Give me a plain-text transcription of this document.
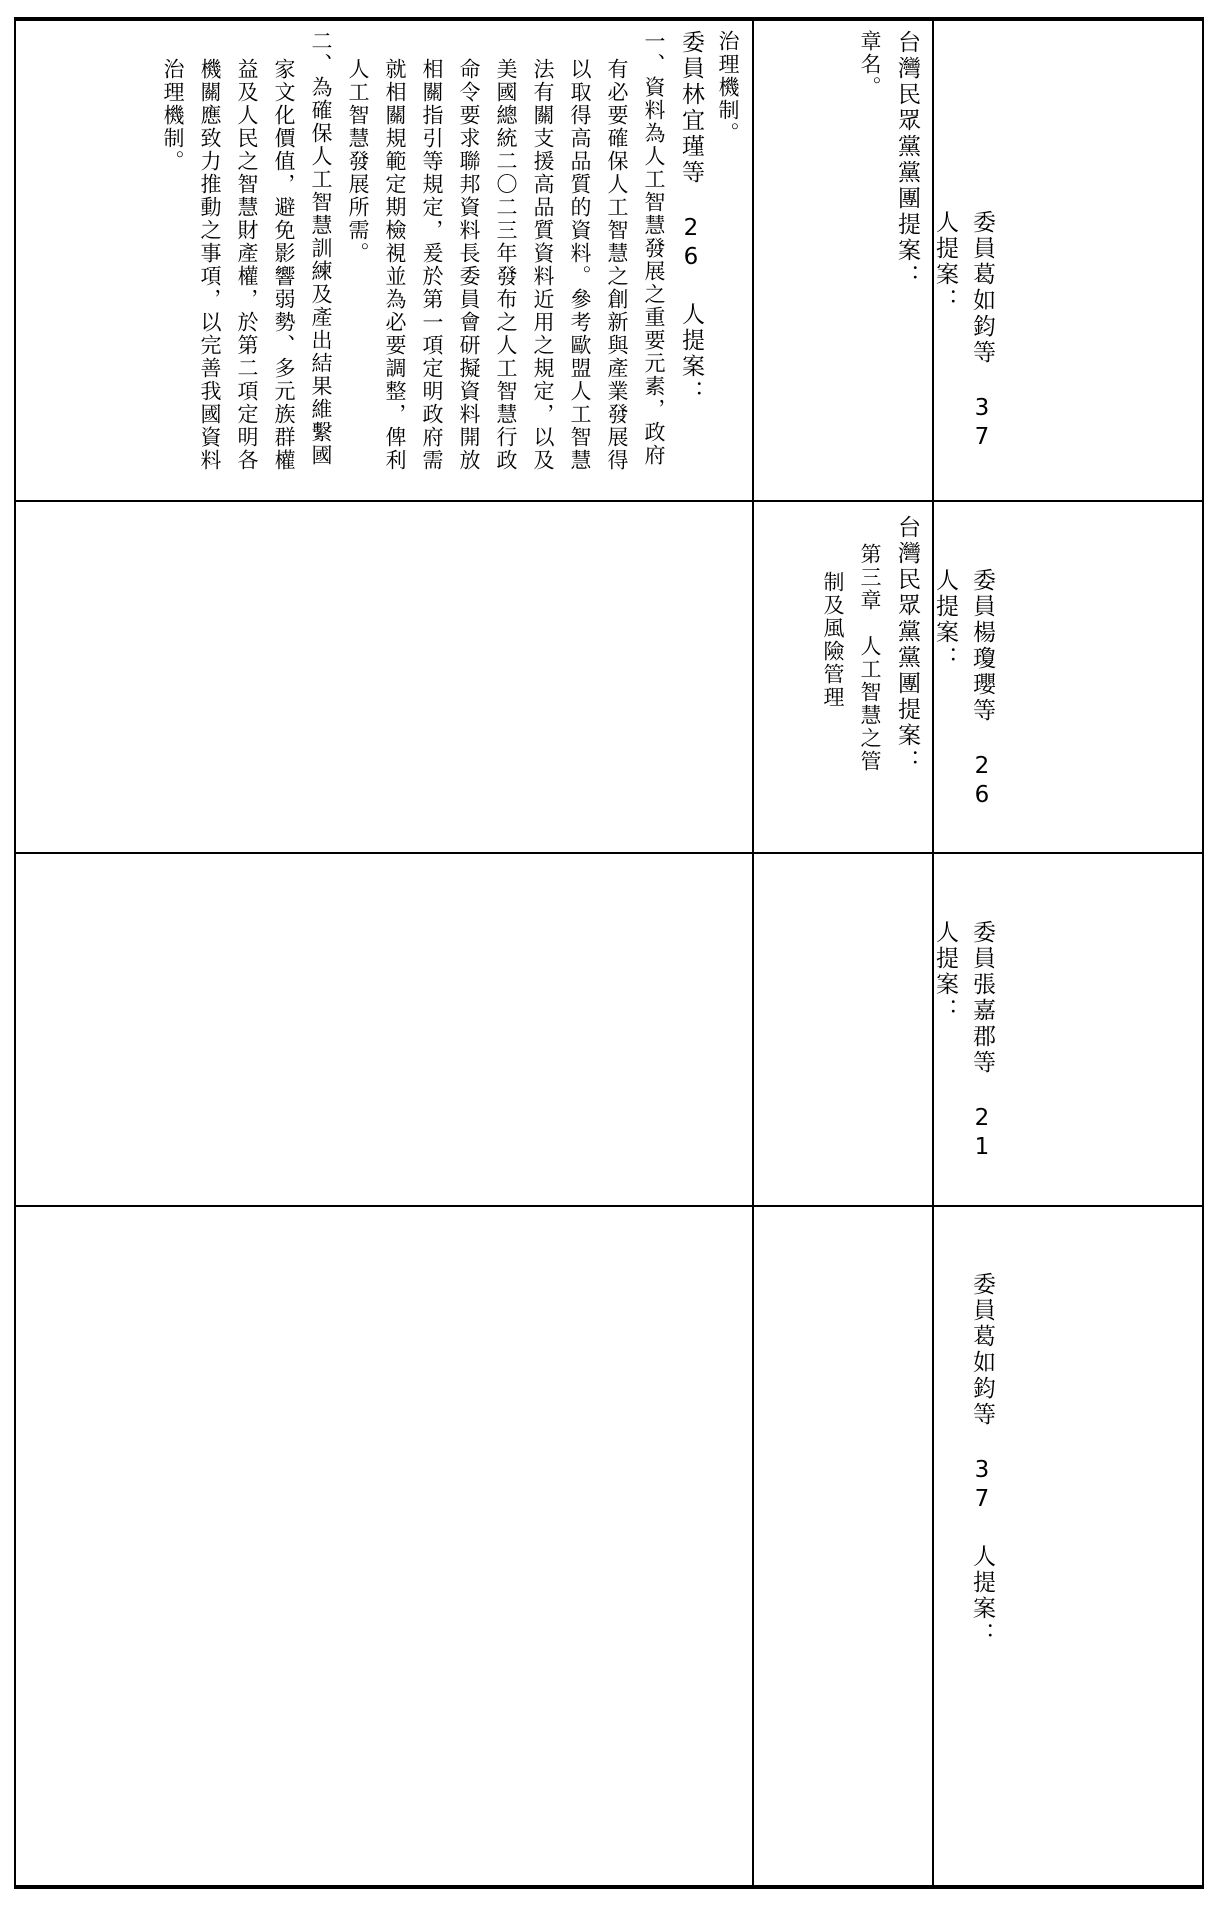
治理機制。

委員林宜瑾等 26 人提案：

一、資料為人工智慧發展之重要元素，政府

有必要確保人工智慧之創新與產業發展得

以取得高品質的資料。參考歐盟人工智慧

法有關支援高品質資料近用之規定，以及

美國總統二〇二三年發布之人工智慧行政

命令要求聯邦資料長委員會研擬資料開放

相關指引等規定，爰於第一項定明政府需

就相關規範定期檢視並為必要調整，俾利

人工智慧發展所需。

二、為確保人工智慧訓練及產出結果維繫國

家文化價值，避免影響弱勢、多元族群權

益及人民之智慧財產權，於第二項定明各

機關應致力推動之事項，以完善我國資料

治理機制。	台灣民眾黨黨團提案：

章名。

委員葛如鈞等 37 人提案：

台灣民眾黨黨團提案：

第三章　人工智慧之管

制及風險管理	委員楊瓊瓔等 26 人提案：

委員張嘉郡等 21 人提案：

委員葛如鈞等 37 人提案：
